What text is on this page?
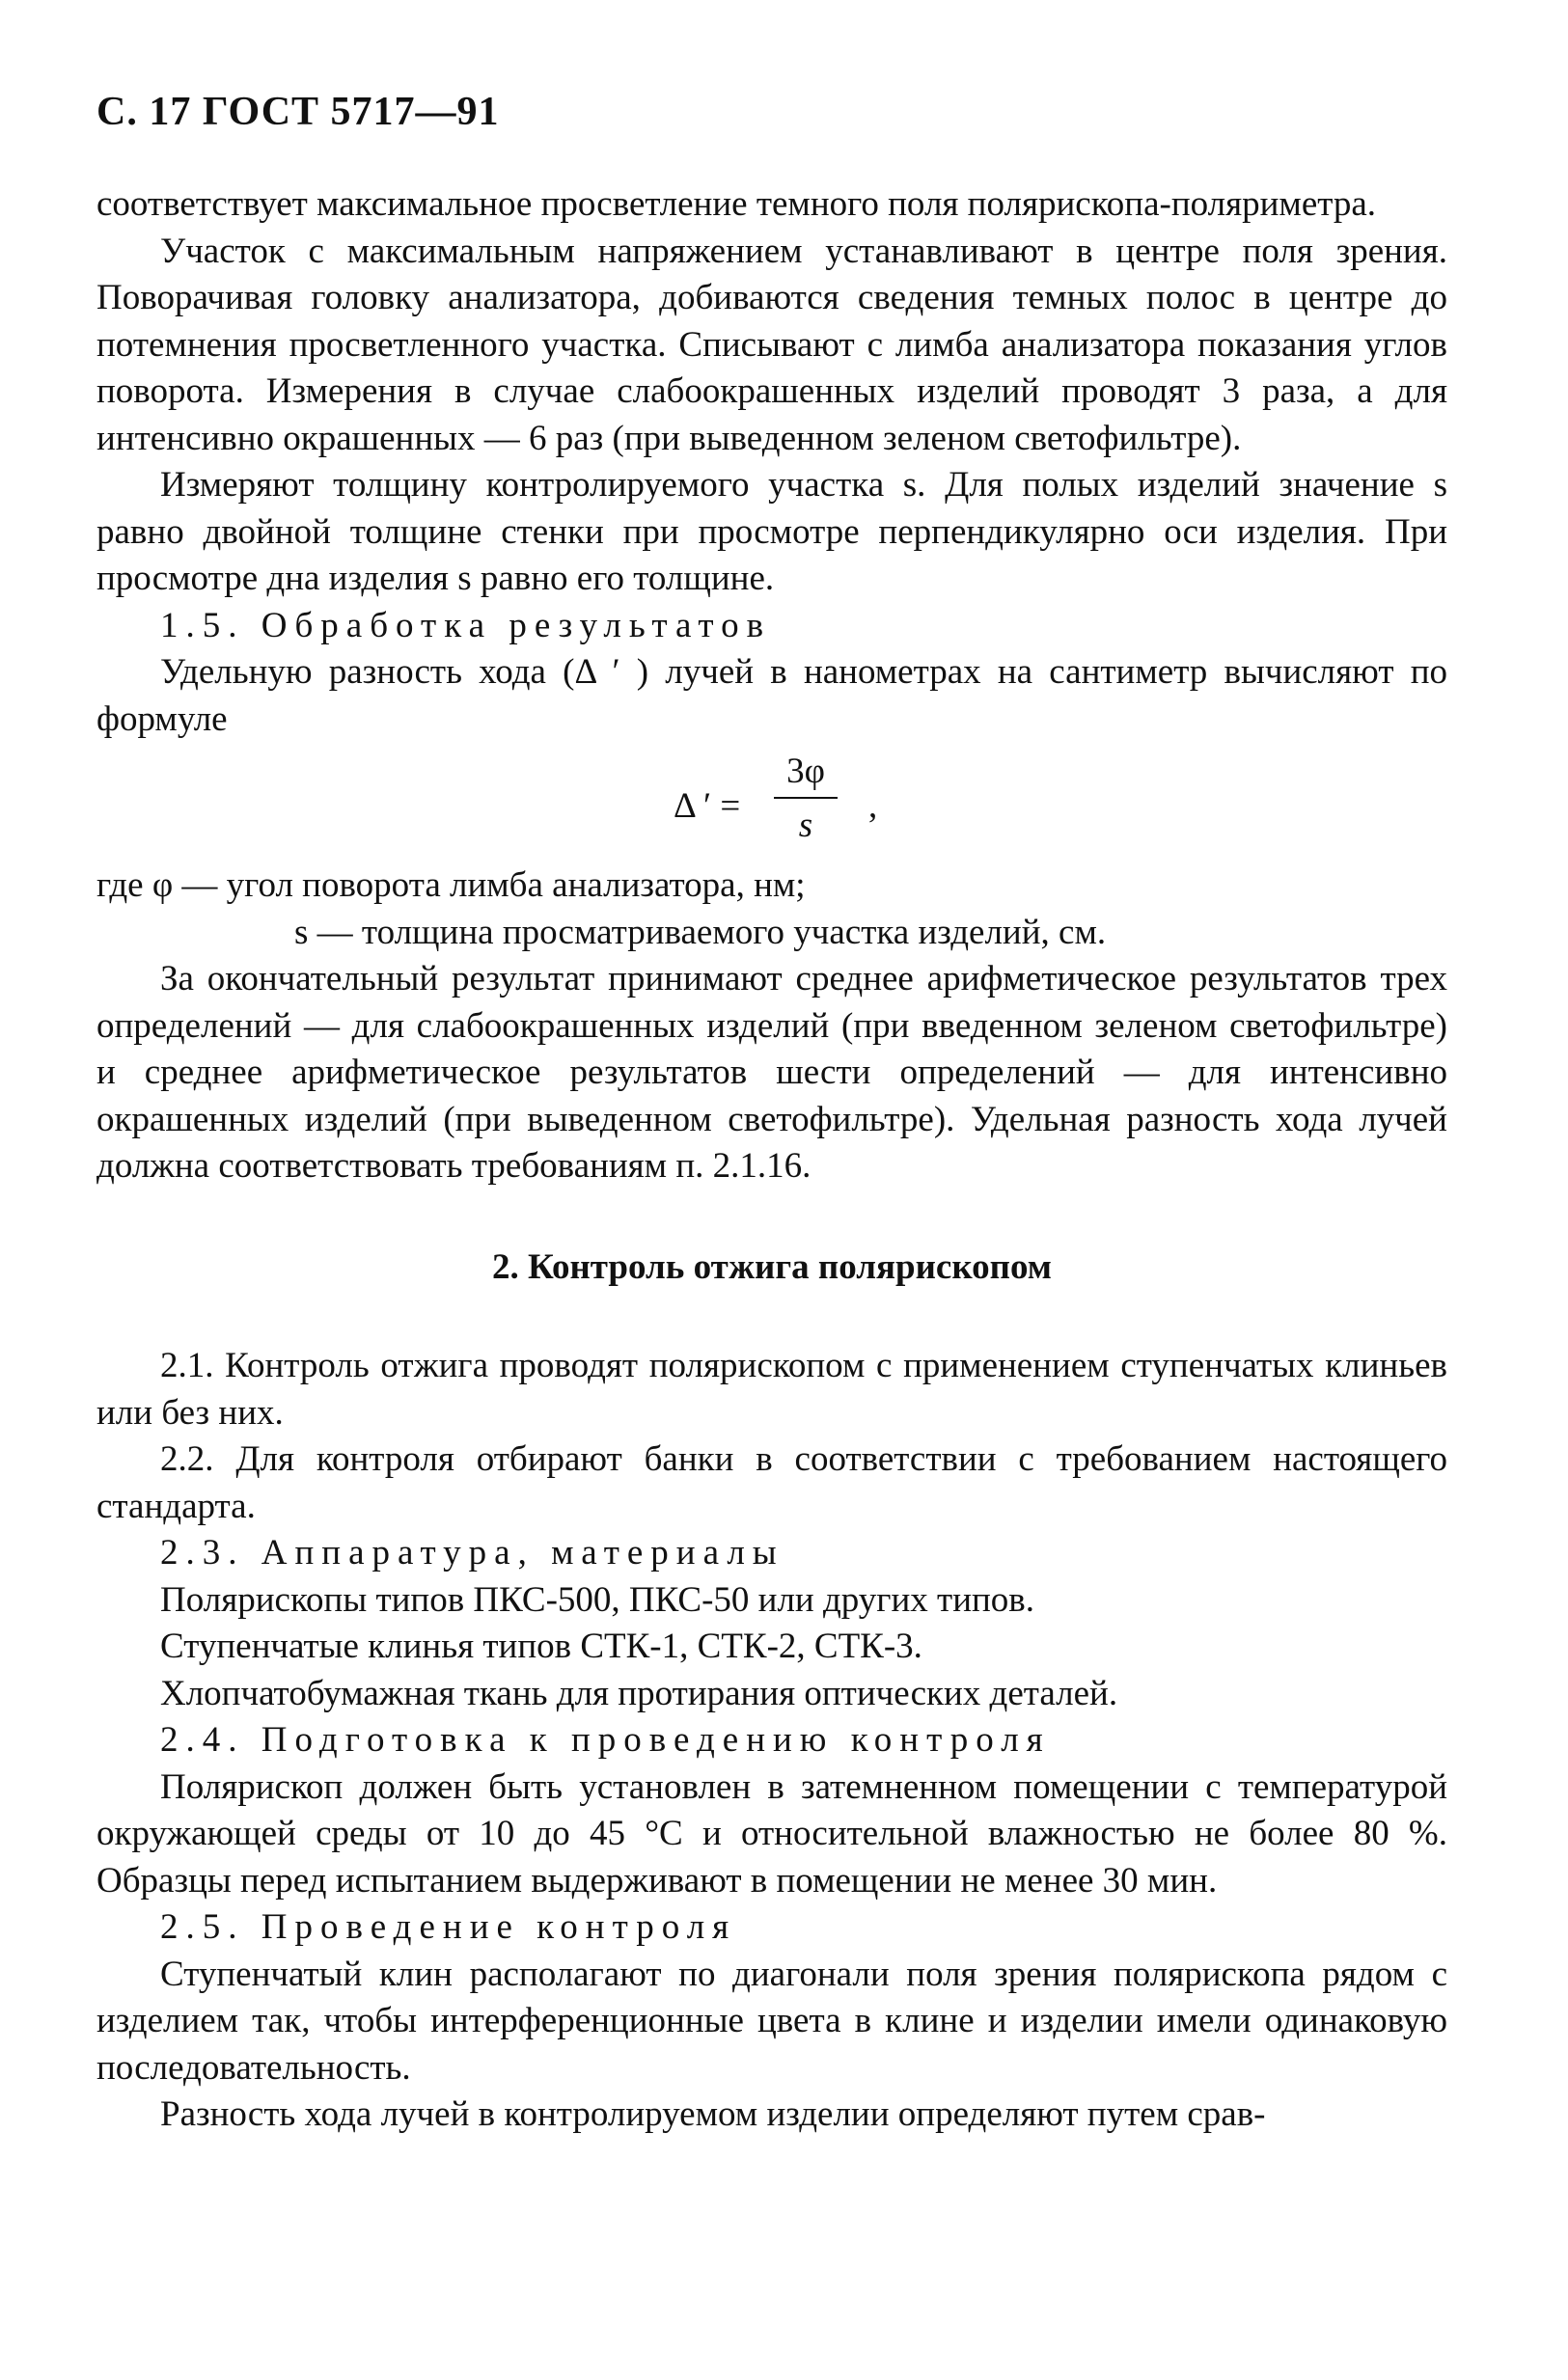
С. 17 ГОСТ 5717—91

соответствует максимальное просветление темного поля полярископа-поляриметра.

Участок с максимальным напряжением устанавливают в центре поля зрения. Поворачивая головку анализатора, добиваются сведения темных полос в центре до потемнения просветленного участка. Списывают с лимба анализатора показания углов поворота. Измерения в случае слабоокрашенных изделий проводят 3 раза, а для интенсивно окрашенных — 6 раз (при выведенном зеленом светофильтре).

Измеряют толщину контролируемого участка s. Для полых изделий значение s равно двойной толщине стенки при просмотре перпендикулярно оси изделия. При просмотре дна изделия s равно его толщине.

1.5. Обработка результатов

Удельную разность хода (Δ ′ ) лучей в нанометрах на сантиметр вычисляют по формуле

Δ ′ =
3φ
s	,

где φ — угол поворота лимба анализатора, нм;

s — толщина просматриваемого участка изделий, см.

За окончательный результат принимают среднее арифметическое результатов трех определений — для слабоокрашенных изделий (при введенном зеленом светофильтре) и среднее арифметическое результатов шести определений — для интенсивно окрашенных изделий (при выведенном светофильтре). Удельная разность хода лучей должна соответствовать требованиям п. 2.1.16.

2. Контроль отжига полярископом

2.1. Контроль отжига проводят полярископом с применением ступенчатых клиньев или без них.

2.2. Для контроля отбирают банки в соответствии с требованием настоящего стандарта.

2.3. Аппаратура, материалы

Полярископы типов ПКС-500, ПКС-50 или других типов.

Ступенчатые клинья типов СТК-1, СТК-2, СТК-3.

Хлопчатобумажная ткань для протирания оптических деталей.

2.4. Подготовка к проведению контроля

Полярископ должен быть установлен в затемненном помещении с температурой окружающей среды от 10 до 45 °С и относительной влажностью не более 80 %. Образцы перед испытанием выдерживают в помещении не менее 30 мин.

2.5. Проведение контроля

Ступенчатый клин располагают по диагонали поля зрения полярископа рядом с изделием так, чтобы интерференционные цвета в клине и изделии имели одинаковую последовательность.

Разность хода лучей в контролируемом изделии определяют путем срав-
